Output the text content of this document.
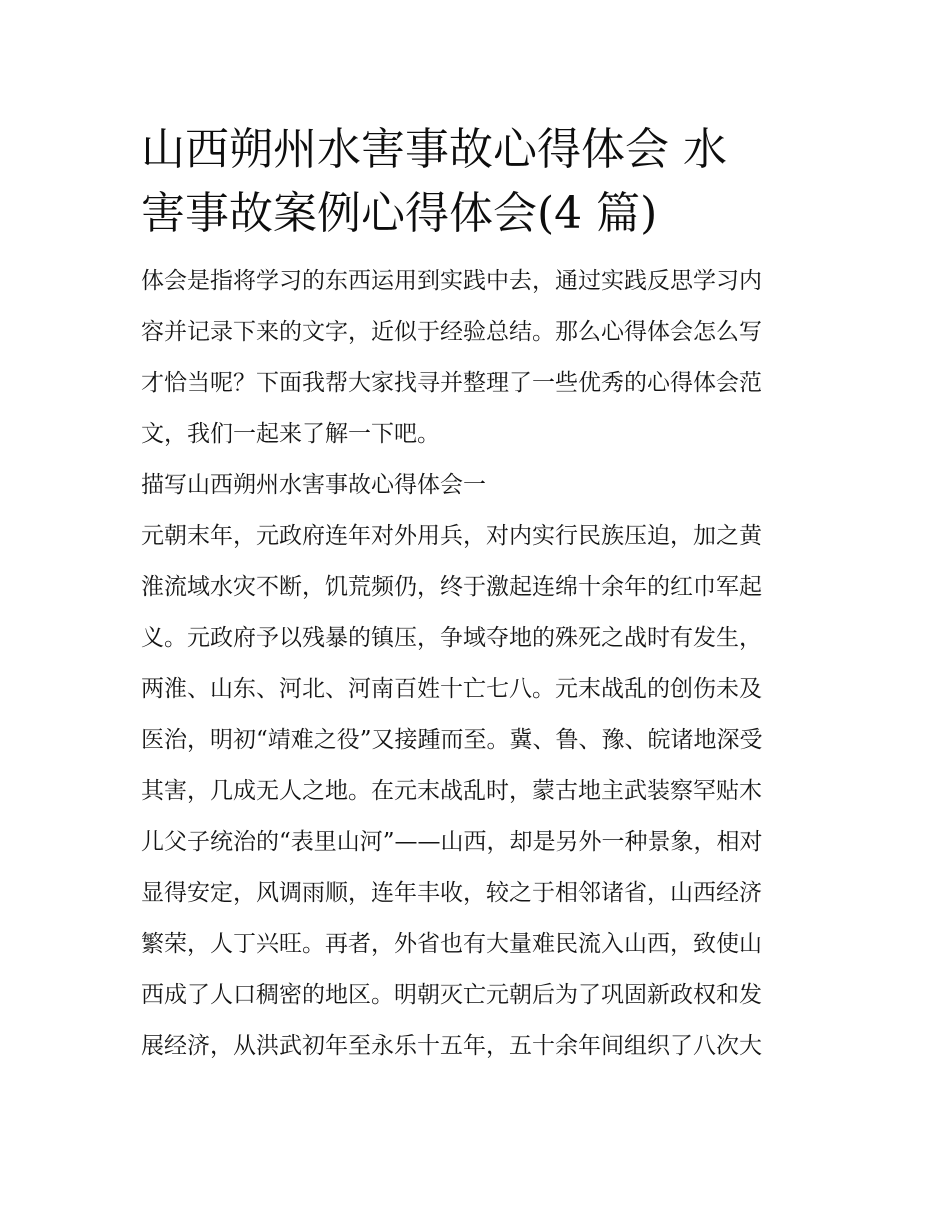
山西朔州水害事故心得体会 水
害事故案例心得体会(4 篇)
体会是指将学习的东西运用到实践中去，通过实践反思学习内
容并记录下来的文字，近似于经验总结。那么心得体会怎么写
才恰当呢？下面我帮大家找寻并整理了一些优秀的心得体会范
文，我们一起来了解一下吧。
描写山西朔州水害事故心得体会一
元朝末年，元政府连年对外用兵，对内实行民族压迫，加之黄
淮流域水灾不断，饥荒频仍，终于激起连绵十余年的红巾军起
义。元政府予以残暴的镇压，争域夺地的殊死之战时有发生，
两淮、山东、河北、河南百姓十亡七八。元末战乱的创伤未及
医治，明初“靖难之役”又接踵而至。冀、鲁、豫、皖诸地深受
其害，几成无人之地。在元末战乱时，蒙古地主武装察罕贴木
儿父子统治的“表里山河”——山西，却是另外一种景象，相对
显得安定，风调雨顺，连年丰收，较之于相邻诸省，山西经济
繁荣，人丁兴旺。再者，外省也有大量难民流入山西，致使山
西成了人口稠密的地区。明朝灭亡元朝后为了巩固新政权和发
展经济，从洪武初年至永乐十五年，五十余年间组织了八次大
